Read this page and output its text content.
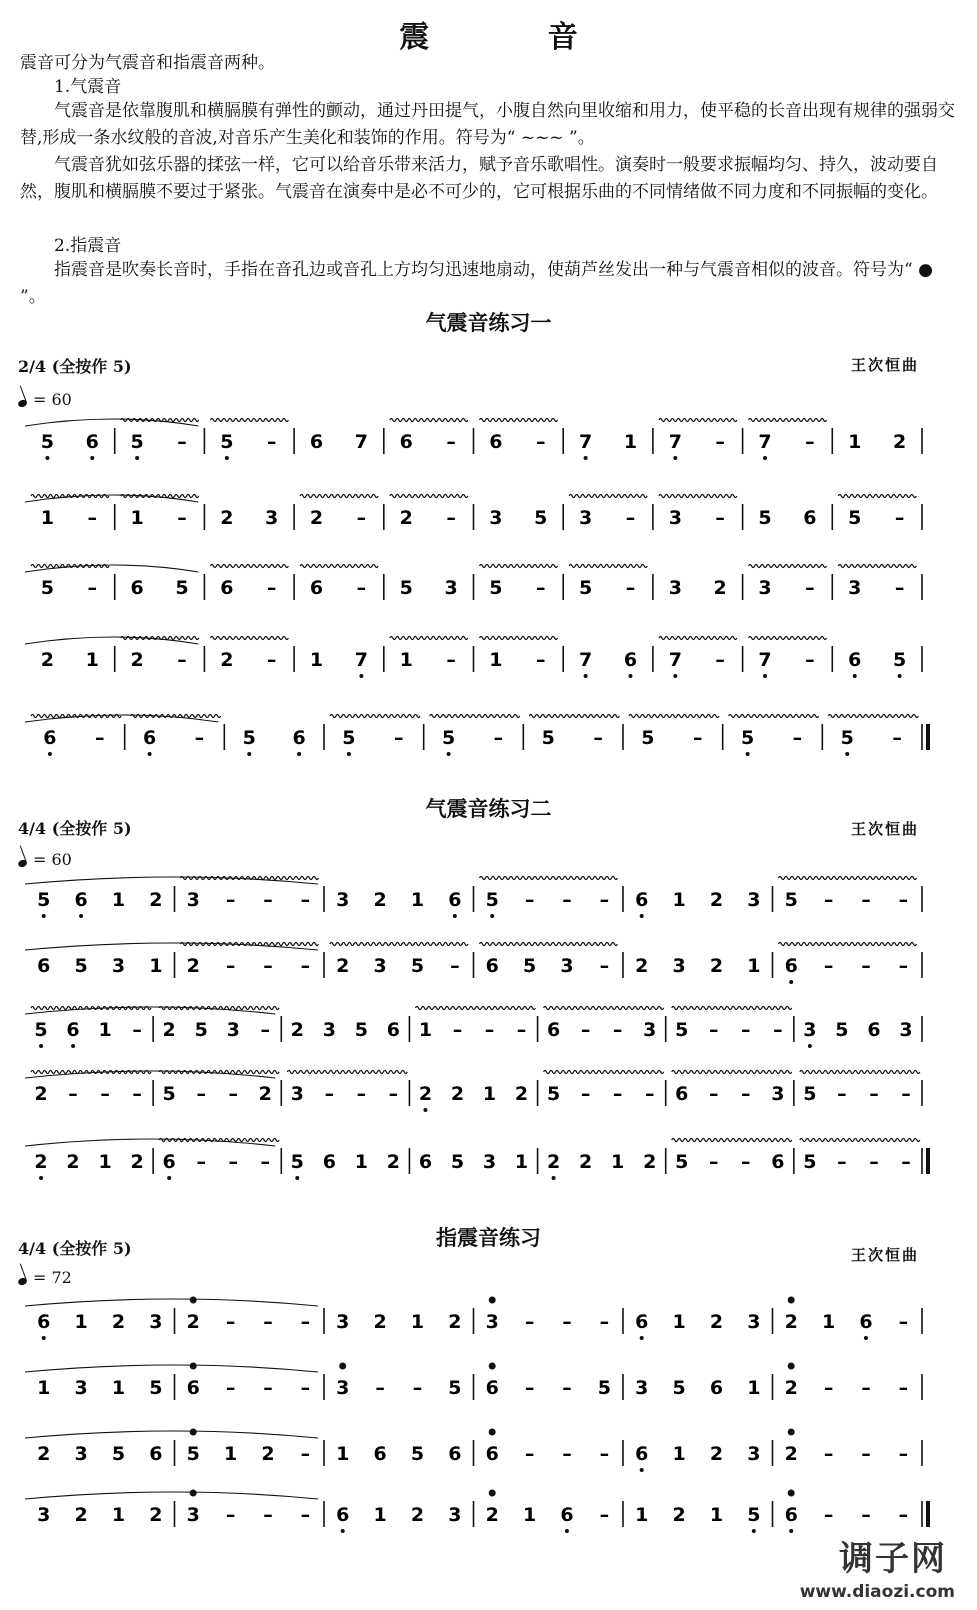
震 音

震音可分为气震音和指震音两种。

1.气震音

气震音是依靠腹肌和横膈膜有弹性的颤动，通过丹田提气，小腹自然向里收缩和用力，使平稳的长音出现有规律的强弱交替,形成一条水纹般的音波,对音乐产生美化和装饰的作用。符号为“ ~~~ ”。

气震音犹如弦乐器的揉弦一样，它可以给音乐带来活力，赋予音乐歌唱性。演奏时一般要求振幅均匀、持久，波动要自然，腹肌和横膈膜不要过于紧张。气震音在演奏中是必不可少的，它可根据乐曲的不同情绪做不同力度和不同振幅的变化。

2.指震音

指震音是吹奏长音时，手指在音孔边或音孔上方均匀迅速地扇动，使葫芦丝发出一种与气震音相似的波音。符号为“ ● ”。

气震音练习一
2/4 (全按作 5)	王次恒曲
= 60
气震音练习二
4/4 (全按作 5)	王次恒曲
= 60
指震音练习
4/4 (全按作 5)	王次恒曲
= 72
5 6 5 – 5 – 6 7 6 – 6 – 7 1 7 – 7 – 1 2
1 – 1 – 2 3 2 – 2 – 3 5 3 – 3 – 5 6 5 –
5 – 6 5 6 – 6 – 5 3 5 – 5 – 3 2 3 – 3 –
2 1 2 – 2 – 1 7 1 – 1 – 7 6 7 – 7 – 6 5
6 – 6 – 5 6 5 – 5 – 5 – 5 – 5 – 5 –
5 6 1 2 3 – – – 3 2 1 6 5 – – – 6 1 2 3 5 – – –
6 5 3 1 2 – – – 2 3 5 – 6 5 3 – 2 3 2 1 6 – – –
5 6 1 – 2 5 3 – 2 3 5 6 1 – – – 6 – – 3 5 – – – 3 5 6 3
2 – – – 5 – – 2 3 – – – 2 2 1 2 5 – – – 6 – – 3 5 – – –
2 2 1 2 6 – – – 5 6 1 2 6 5 3 1 2 2 1 2 5 – – 6 5 – – –
6 1 2 3 2 – – – 3 2 1 2 3 – – – 6 1 2 3 2 1 6 –
1 3 1 5 6 – – – 3 – – 5 6 – – 5 3 5 6 1 2 – – –
2 3 5 6 5 1 2 – 1 6 5 6 6 – – – 6 1 2 3 2 – – –
3 2 1 2 3 – – – 6 1 2 3 2 1 6 – 1 2 1 5 6 – – –
调子网
www.diaozi.com
